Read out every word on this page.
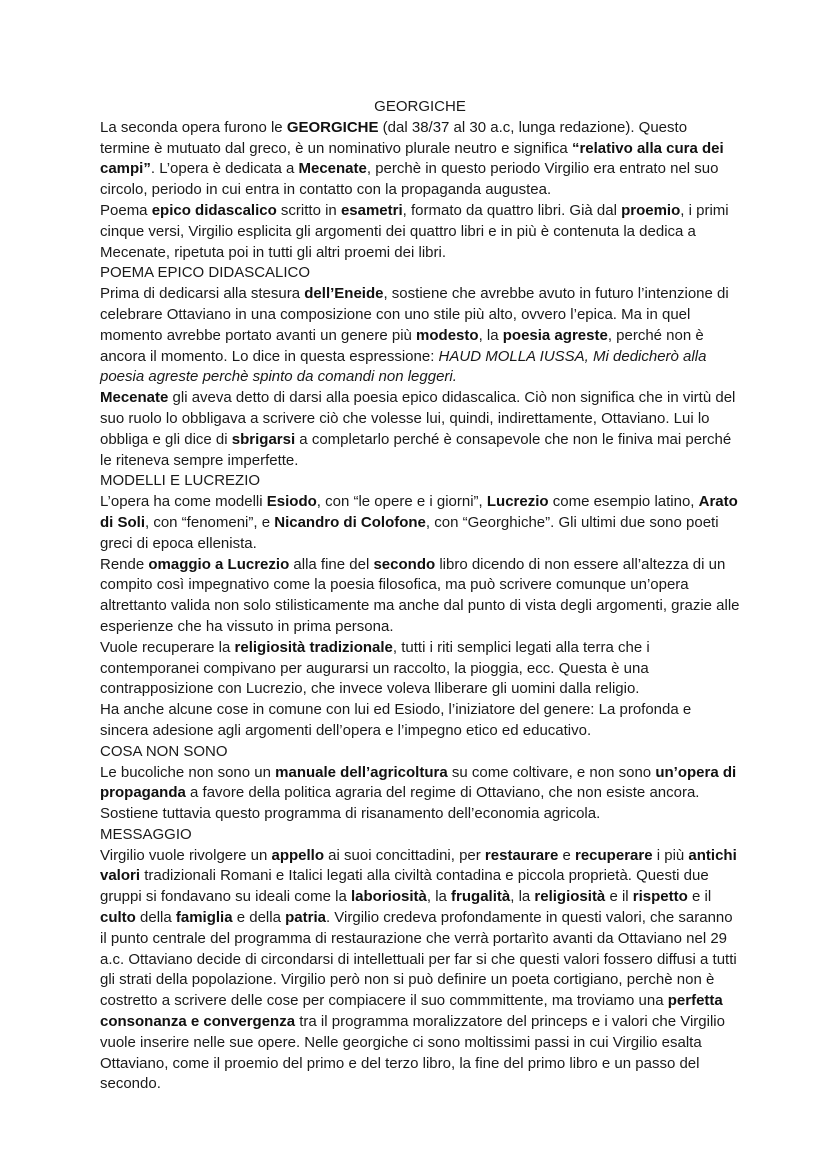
GEORGICHE

La seconda opera furono le GEORGICHE (dal 38/37 al 30 a.c, lunga redazione). Questo termine è mutuato dal greco, è un nominativo plurale neutro e significa “relativo alla cura dei campi”. L’opera è dedicata a Mecenate, perchè in questo periodo Virgilio era entrato nel suo circolo, periodo in cui entra in contatto con la propaganda augustea.

Poema epico didascalico scritto in esametri, formato da quattro libri. Già dal proemio, i primi cinque versi, Virgilio esplicita gli argomenti dei quattro libri e in più è contenuta la dedica a Mecenate, ripetuta poi in tutti gli altri proemi dei libri.

POEMA EPICO DIDASCALICO

Prima di dedicarsi alla stesura dell’Eneide, sostiene che avrebbe avuto in futuro l’intenzione di celebrare Ottaviano in una composizione con uno stile più alto, ovvero l’epica. Ma in quel momento avrebbe portato avanti un genere più modesto, la poesia agreste, perché non è ancora il momento. Lo dice in questa espressione: HAUD MOLLA IUSSA, Mi dedicherò alla poesia agreste perchè spinto da comandi non leggeri.

Mecenate gli aveva detto di darsi alla poesia epico didascalica. Ciò non significa che in virtù del suo ruolo lo obbligava a scrivere ciò che volesse lui, quindi, indirettamente, Ottaviano. Lui lo obbliga e gli dice di sbrigarsi a completarlo perché è consapevole che non le finiva mai perché le riteneva sempre imperfette.

MODELLI E LUCREZIO

L’opera ha come modelli Esiodo, con “le opere e i giorni”, Lucrezio come esempio latino, Arato di Soli, con “fenomeni”, e Nicandro di Colofone, con “Georghiche”. Gli ultimi due sono poeti greci di epoca ellenista.

Rende omaggio a Lucrezio alla fine del secondo libro dicendo di non essere all’altezza di un compito così impegnativo come la poesia filosofica, ma può scrivere comunque un’opera altrettanto valida non solo stilisticamente ma anche dal punto di vista degli argomenti, grazie alle esperienze che ha vissuto in prima persona.

Vuole recuperare la religiosità tradizionale, tutti i riti semplici legati alla terra che i contemporanei compivano per augurarsi un raccolto, la pioggia, ecc. Questa è una contrapposizione con Lucrezio, che invece voleva lliberare gli uomini dalla religio.

Ha anche alcune cose in comune con lui ed Esiodo, l’iniziatore del genere: La profonda e sincera adesione agli argomenti dell’opera e l’impegno etico ed educativo.

COSA NON SONO

Le bucoliche non sono un manuale dell’agricoltura su come coltivare, e non sono un’opera di propaganda a favore della politica agraria del regime di Ottaviano, che non esiste ancora. Sostiene tuttavia questo programma di risanamento dell’economia agricola.

MESSAGGIO

Virgilio vuole rivolgere un appello ai suoi concittadini, per restaurare e recuperare i più antichi valori tradizionali Romani e Italici legati alla civiltà contadina e piccola proprietà. Questi due gruppi si fondavano su ideali come la laboriosità, la frugalità, la religiosità e il rispetto e il culto della famiglia e della patria. Virgilio credeva profondamente in questi valori, che saranno il punto centrale del programma di restaurazione che verrà portarìto avanti da Ottaviano nel 29 a.c. Ottaviano decide di circondarsi di intellettuali per far si che questi valori fossero diffusi a tutti gli strati della popolazione. Virgilio però non si può definire un poeta cortigiano, perchè non è costretto a scrivere delle cose per compiacere il suo commmittente, ma troviamo una perfetta consonanza e convergenza tra il programma moralizzatore del princeps e i valori che Virgilio vuole inserire nelle sue opere. Nelle georgiche ci sono moltissimi passi in cui Virgilio esalta Ottaviano, come il proemio del primo e del terzo libro, la fine del primo libro e un passo del secondo.
